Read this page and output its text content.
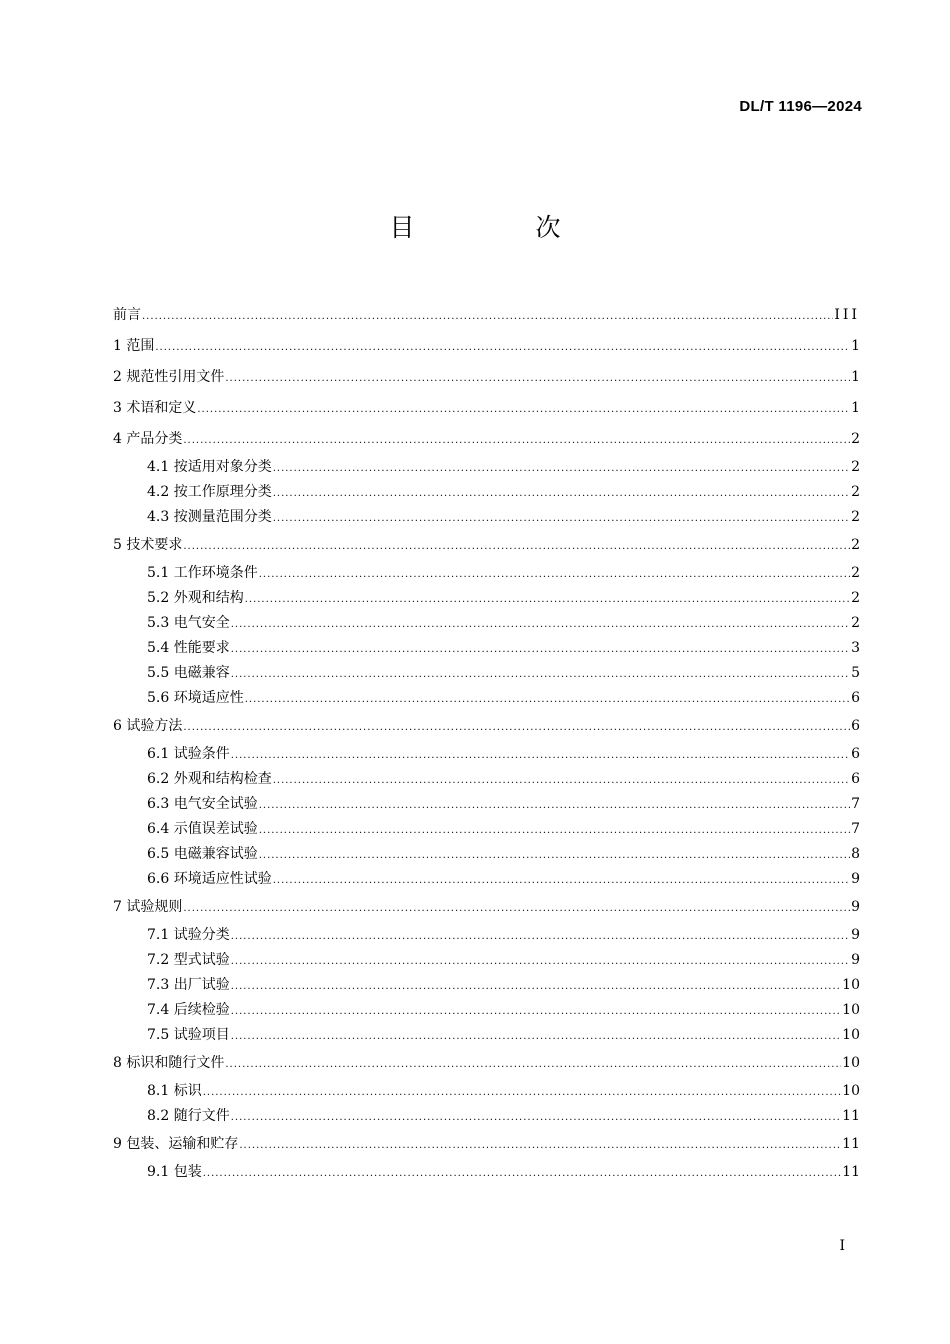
DL/T 1196—2024
目　次
前言 .....	III
1 范围 .....	1
2 规范性引用文件 .....	1
3 术语和定义 .....	1
4 产品分类 .....	2
4.1 按适用对象分类 .....	2
4.2 按工作原理分类 .....	2
4.3 按测量范围分类 .....	2
5 技术要求 .....	2
5.1 工作环境条件 .....	2
5.2 外观和结构 .....	2
5.3 电气安全 .....	2
5.4 性能要求 .....	3
5.5 电磁兼容 .....	5
5.6 环境适应性 .....	6
6 试验方法 .....	6
6.1 试验条件 .....	6
6.2 外观和结构检查 .....	6
6.3 电气安全试验 .....	7
6.4 示值误差试验 .....	7
6.5 电磁兼容试验 .....	8
6.6 环境适应性试验 .....	9
7 试验规则 .....	9
7.1 试验分类 .....	9
7.2 型式试验 .....	9
7.3 出厂试验 .....	10
7.4 后续检验 .....	10
7.5 试验项目 .....	10
8 标识和随行文件 .....	10
8.1 标识 .....	10
8.2 随行文件 .....	11
9 包装、运输和贮存 .....	11
9.1 包装 .....	11
I
